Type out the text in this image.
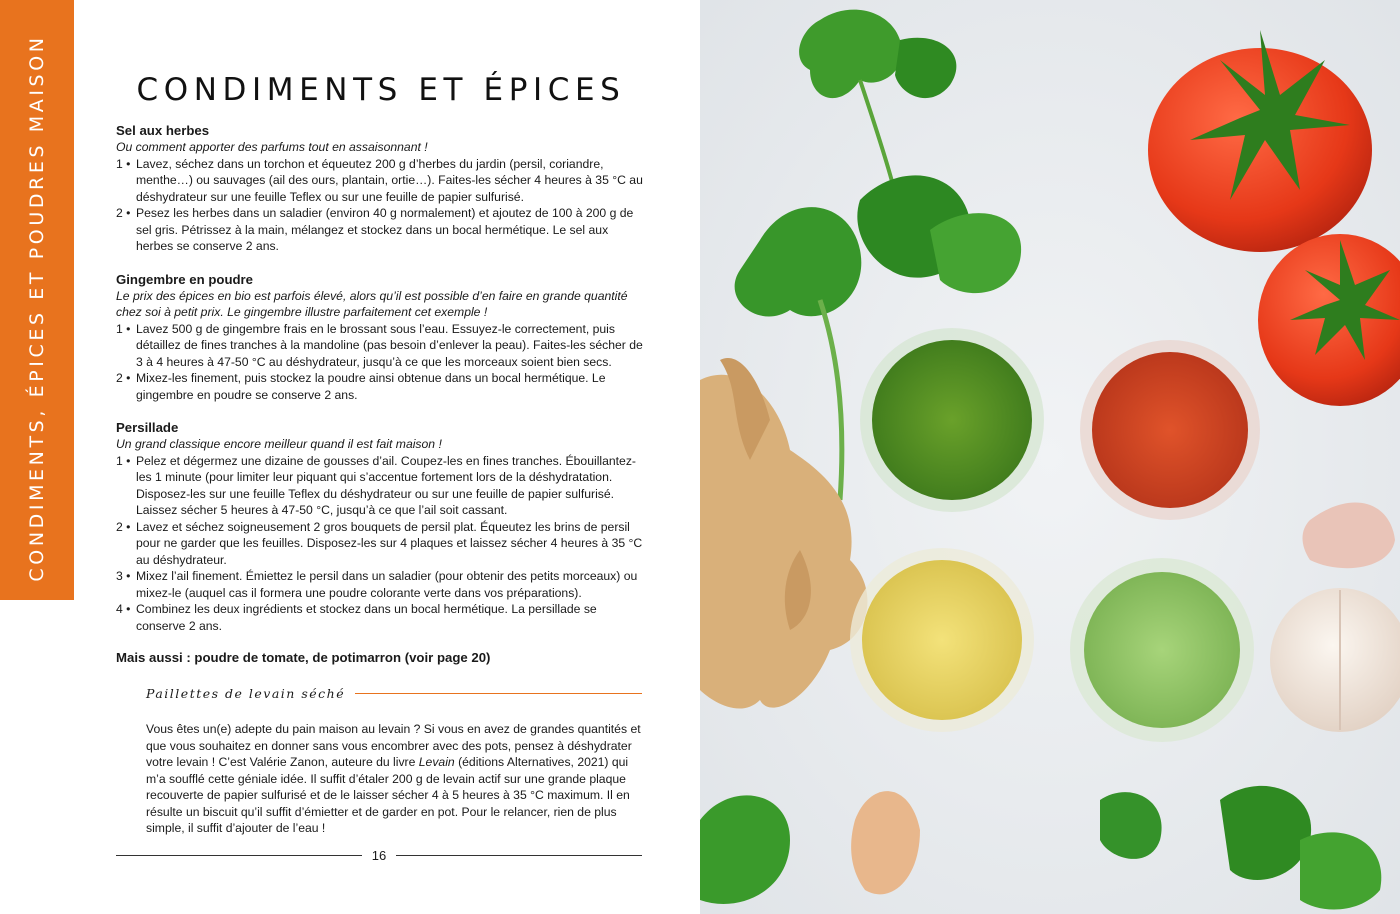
CONDIMENTS, ÉPICES ET POUDRES MAISON	CONDIMENTS ET ÉPICES
Sel aux herbes
Ou comment apporter des parfums tout en assaisonnant !
1 • Lavez, séchez dans un torchon et équeutez 200 g d’herbes du jardin (persil, coriandre, menthe…) ou sauvages (ail des ours, plantain, ortie…). Faites-les sécher 4 heures à 35 °C au déshydrateur sur une feuille Teflex ou sur une feuille de papier sulfurisé.
2 • Pesez les herbes dans un saladier (environ 40 g normalement) et ajoutez de 100 à 200 g de sel gris. Pétrissez à la main, mélangez et stockez dans un bocal hermétique. Le sel aux herbes se conserve 2 ans.
Gingembre en poudre
Le prix des épices en bio est parfois élevé, alors qu’il est possible d’en faire en grande quantité chez soi à petit prix. Le gingembre illustre parfaitement cet exemple !
1 • Lavez 500 g de gingembre frais en le brossant sous l’eau. Essuyez-le correctement, puis détaillez de fines tranches à la mandoline (pas besoin d’enlever la peau). Faites-les sécher de 3 à 4 heures à 47-50 °C au déshydrateur, jusqu’à ce que les morceaux soient bien secs.
2 • Mixez-les finement, puis stockez la poudre ainsi obtenue dans un bocal hermétique. Le gingembre en poudre se conserve 2 ans.
Persillade
Un grand classique encore meilleur quand il est fait maison !
1 • Pelez et dégermez une dizaine de gousses d’ail. Coupez-les en fines tranches. Ébouillantez-les 1 minute (pour limiter leur piquant qui s’accentue fortement lors de la déshydratation. Disposez-les sur une feuille Teflex du déshydrateur ou sur une feuille de papier sulfurisé. Laissez sécher 5 heures à 47-50 °C, jusqu’à ce que l’ail soit cassant.
2 • Lavez et séchez soigneusement 2 gros bouquets de persil plat. Équeutez les brins de persil pour ne garder que les feuilles. Disposez-les sur 4 plaques et laissez sécher 4 heures à 35 °C au déshydrateur.
3 • Mixez l’ail finement. Émiettez le persil dans un saladier (pour obtenir des petits morceaux) ou mixez-le (auquel cas il formera une poudre colorante verte dans vos préparations).
4 • Combinez les deux ingrédients et stockez dans un bocal hermétique. La persillade se conserve 2 ans.
Mais aussi : poudre de tomate, de potimarron (voir page 20)
Paillettes de levain séché
Vous êtes un(e) adepte du pain maison au levain ? Si vous en avez de grandes quantités et que vous souhaitez en donner sans vous encombrer avec des pots, pensez à déshydrater votre levain ! C’est Valérie Zanon, auteure du livre Levain (éditions Alternatives, 2021) qui m’a soufflé cette géniale idée. Il suffit d’étaler 200 g de levain actif sur une grande plaque recouverte de papier sulfurisé et de le laisser sécher 4 à 5 heures à 35 °C maximum. Il en résulte un biscuit qu’il suffit d’émietter et de garder en pot. Pour le relancer, rien de plus simple, il suffit d’ajouter de l’eau !
16
